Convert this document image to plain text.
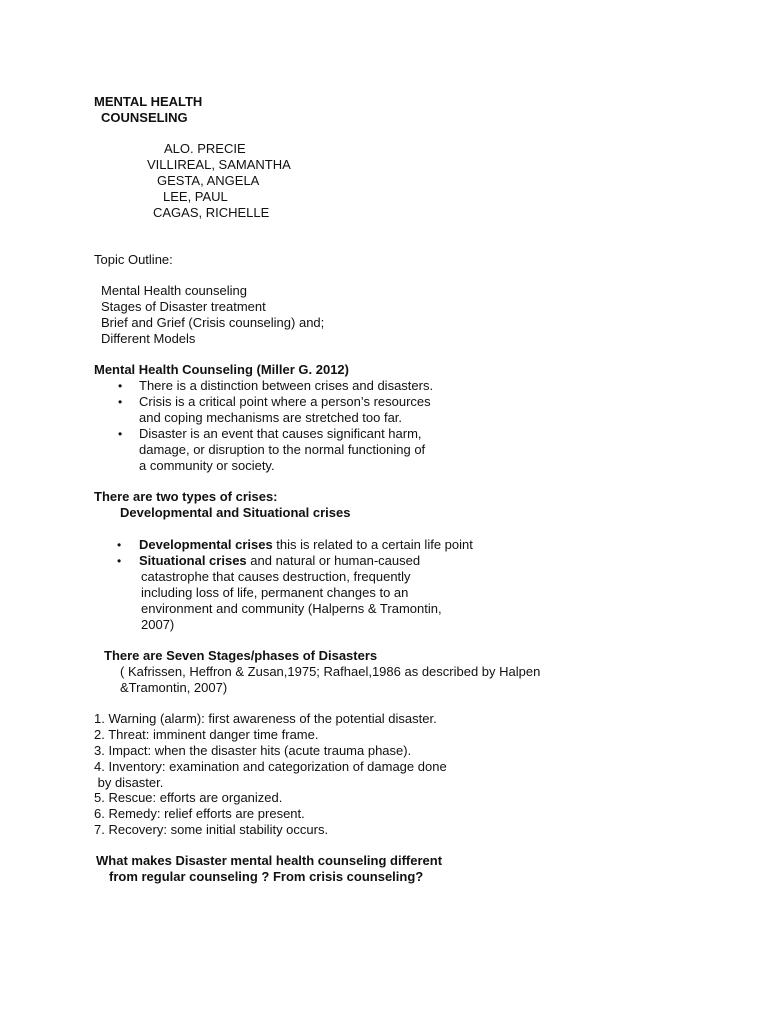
MENTAL HEALTH
COUNSELING
ALO. PRECIE
VILLIREAL, SAMANTHA
GESTA, ANGELA
LEE, PAUL
CAGAS, RICHELLE
Topic Outline:
Mental Health counseling
Stages of Disaster treatment
Brief and Grief (Crisis counseling) and;
Different Models
Mental Health Counseling (Miller G. 2012)
• There is a distinction between crises and disasters.
• Crisis is a critical point where a person’s resources
and coping mechanisms are stretched too far.
• Disaster is an event that causes significant harm,
damage, or disruption to the normal functioning of
a community or society.
There are two types of crises:
Developmental and Situational crises
• Developmental crises this is related to a certain life point
• Situational crises and natural or human-caused
catastrophe that causes destruction, frequently
including loss of life, permanent changes to an
environment and community (Halperns & Tramontin,
2007)
There are Seven Stages/phases of Disasters
( Kafrissen, Heffron & Zusan,1975; Rafhael,1986 as described by Halpen
&Tramontin, 2007)
1. Warning (alarm): first awareness of the potential disaster.
2. Threat: imminent danger time frame.
3. Impact: when the disaster hits (acute trauma phase).
4. Inventory: examination and categorization of damage done
by disaster.
5. Rescue: efforts are organized.
6. Remedy: relief efforts are present.
7. Recovery: some initial stability occurs.
What makes Disaster mental health counseling different
from regular counseling ? From crisis counseling?
